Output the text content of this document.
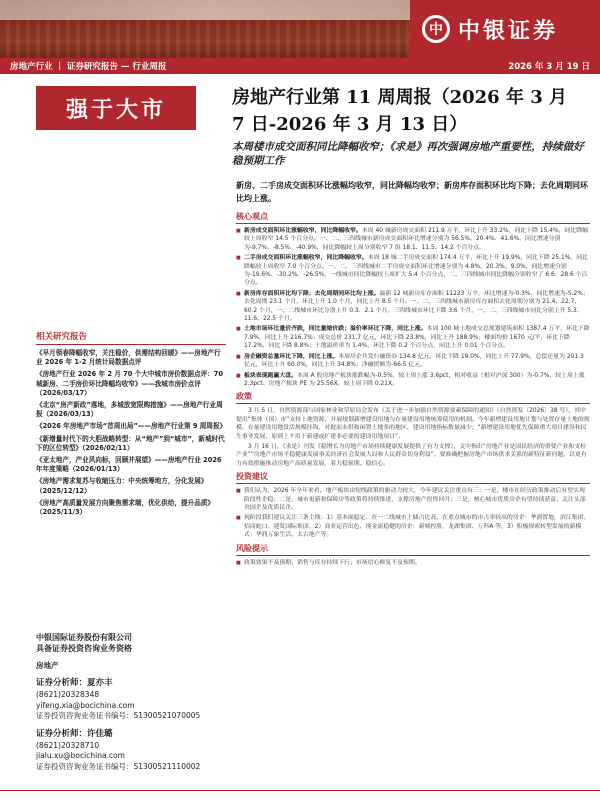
中 中银证券
房地产行业 ｜ 证券研究报告 — 行业周报	2026 年 3 月 19 日
强于大市	房地产行业第 11 周周报（2026 年 3 月 7 日-2026 年 3 月 13 日）
本周楼市成交面积同比降幅收窄；《求是》再次强调房地产重要性，持续做好稳预期工作
新房、二手房成交面积环比涨幅均收窄，同比降幅均收窄；新房库存面积环比均下降；去化周期同环比均上涨。
核心观点
■ 新房成交面积环比涨幅收窄，同比降幅收窄。本周 40 城新房成交面积 211.9 万平，环比上升 33.2%，同比下降 15.4%，同比降幅较上周收窄 14.5 个百分点。一、二、三四线城市新房成交面积环比增速分别为 56.5%、20.4%、41.6%，同比增速分别为-9.7%、-8.5%、-40.9%，同比降幅较上周分别收窄 7 组 18.1、11.5、14.2 个百分点。
■ 二手房成交面积环比涨幅收窄，同比降幅收窄。本周 18 城二手房成交面积 174.4 万平，环比上升 19.9%，同比下降 25.1%，同比降幅较上周收窄 7.0 个百分点。一、二、三四线城市二手房成交面积环比增速分别为 4.8%、20.3%、9.0%，同比增速分别为-19.6%、-30.2%、-26.5%，一线城市同比降幅较上周扩大 5.4 个百分点，二、三四线城市同比降幅分别收窄了 6.6、28.6 个百分点。
■ 新房库存面积环比均下降；去化周期同环比均上涨。最新 12 城新房库存面积 11223 万平，环比增速为-0.3%，同比增速为-5.2%；去化周期 23.1 个月，环比上升 1.0 个月，同比上升 8.5 个月。一、二、三四线城市新房库存面积去化周期分别为 21.4、22.7、60.2 个月，一、二线城市环比分别上升 0.3、2.1 个月，三四线城市环比下降 3.6 个月，一、二、三四线城市同比分别上升 5.3、11.6、22.5 个月。
■ 土地市场环比量价齐跌，同比量缩价跌；溢价率环比下降，同比上涨。本周 100 城土地成交总规划建筑面积 1387.4 万平，环比下降 7.9%，同比上升 216.7%；成交总价 231.7 亿元，环比下降 23.8%，同比上升 188.9%；楼面均价 1670 元/平，环比下降 17.2%，同比下降 8.8%；土地溢价率为 1.4%，环比下降 0.2 个百分点，同比上升 0.01 个百分点。
■ 房企融资总量环比下降，同比上涨。本周房企共发行融资券 134.8 亿元，环比下降 19.0%，同比上升 77.9%，总偿还量为 201.3 亿元，环比上升 60.0%，同比上升 34.8%；净融资额为-66.5 亿元。
■ 板块表现跑赢大盘。本周 A 股房地产板块涨跌幅为-0.5%，较上周上涨 3.6pct，相对收益（相对沪深 300）为-0.7%，较上周上涨 2.3pct。房地产板块 PE 为 25.56X，较上周下降 0.21X。
政策
3 月 5 日，自然资源部与国家林业和草原局会发布《关于进一步加强自然资源要素保障的通知》（自然资发〔2026〕38 号），其中提出“集体（国）市”支持土地资源，开展规划新增建设用地与存量建设用地统筹使用的机制。今年新增建设用地计划与处置存量土地的规模、存量建设用地盘活规模挂钩，对批而未供和闲置土地多的地区，建设用地指标数量减少；“新增建设用地优先保障重大项目建设和民生事业发展，原则上不用于新建或扩建非必要的建设用地项目”。
3 月 16 日，《求是》刊发《稳增长为房地产市场持续健康发展提供了有力支撑》，文中指出“房地产业是国民经济的重要产业和支柱产业”“房地产市场平稳健康发展事关经济社会发展大局和人民群众切身利益”。要准确把握房地产市场供求关系的新特征新问题，以更有力有效措施推动房地产高质量发展，着力稳预期、稳信心。
投资建议
■ 我们认为，2026 年全年来看，地产板块由短线政策的驱动力较大，今年建议关注重点有三：一是，楼市在经历政策推动后有望实现阶段性企稳；二是，城市更新和保障房等政策将持续推进，支撑房地产投资回升；三是，核心城市优质房企有望持续获益，关注头部央国企及优质民企。
■ 现阶段我们建议关注三条主线：1）基本面稳定、在一二线城市土储占比高、在重点城市的市占率较高的房企：华润置地、滨江集团、招商蛇口、建发国际集团。2）商业运营出色、现金流稳健的房企：新城控股、龙湖集团、万科A 等。3）积极探索转型发展的新模式：华润万象生活、太古地产等。
风险提示
■ 政策效果不及预期；销售与库存持续下行；市场信心修复不及预期。
相关研究报告
《早月领春降幅收窄，关注稳价，供需结构回暖》——房地产行业 2026 年 1-2 月统计局数据点评
《房地产行业 2026 年 2 月 70 个大中城市房价数据点评：70 城新房、二手房价环比降幅均收窄》——我城市房价点评（2026/03/17）
《北京“房产新政”落地，多城放宽限购措施》——房地产行业周报（2026/03/13）
《2026 年房地产市场“首周出局”——房地产行业第 9 周周报》
《新增量时代下的大胆战略转型：从“地产”到“城市”，新城时代下的区位转型》（2026/02/11）
《亚太地产，产业风向标，回顾并展望》——房地产行业 2026 年年度策略（2026/01/13）
《房地产需求复苏与收缩压力：中央统筹地方，分化发展》（2025/12/12）
《房地产高质量发展方向聚焦需求端，优化供给，提升品质》（2025/11/3）
中银国际证券股份有限公司
具备证券投资咨询业务资格
房地产
证券分析师：夏亦丰
(8621)20328348
yifeng.xia@bocichina.com
证券投资咨询业务证书编号：S1300521070005
证券分析师：许佳璐
(8621)20328710
jialu.xu@bocichina.com
证券投资咨询业务证书编号：S1300521110002
